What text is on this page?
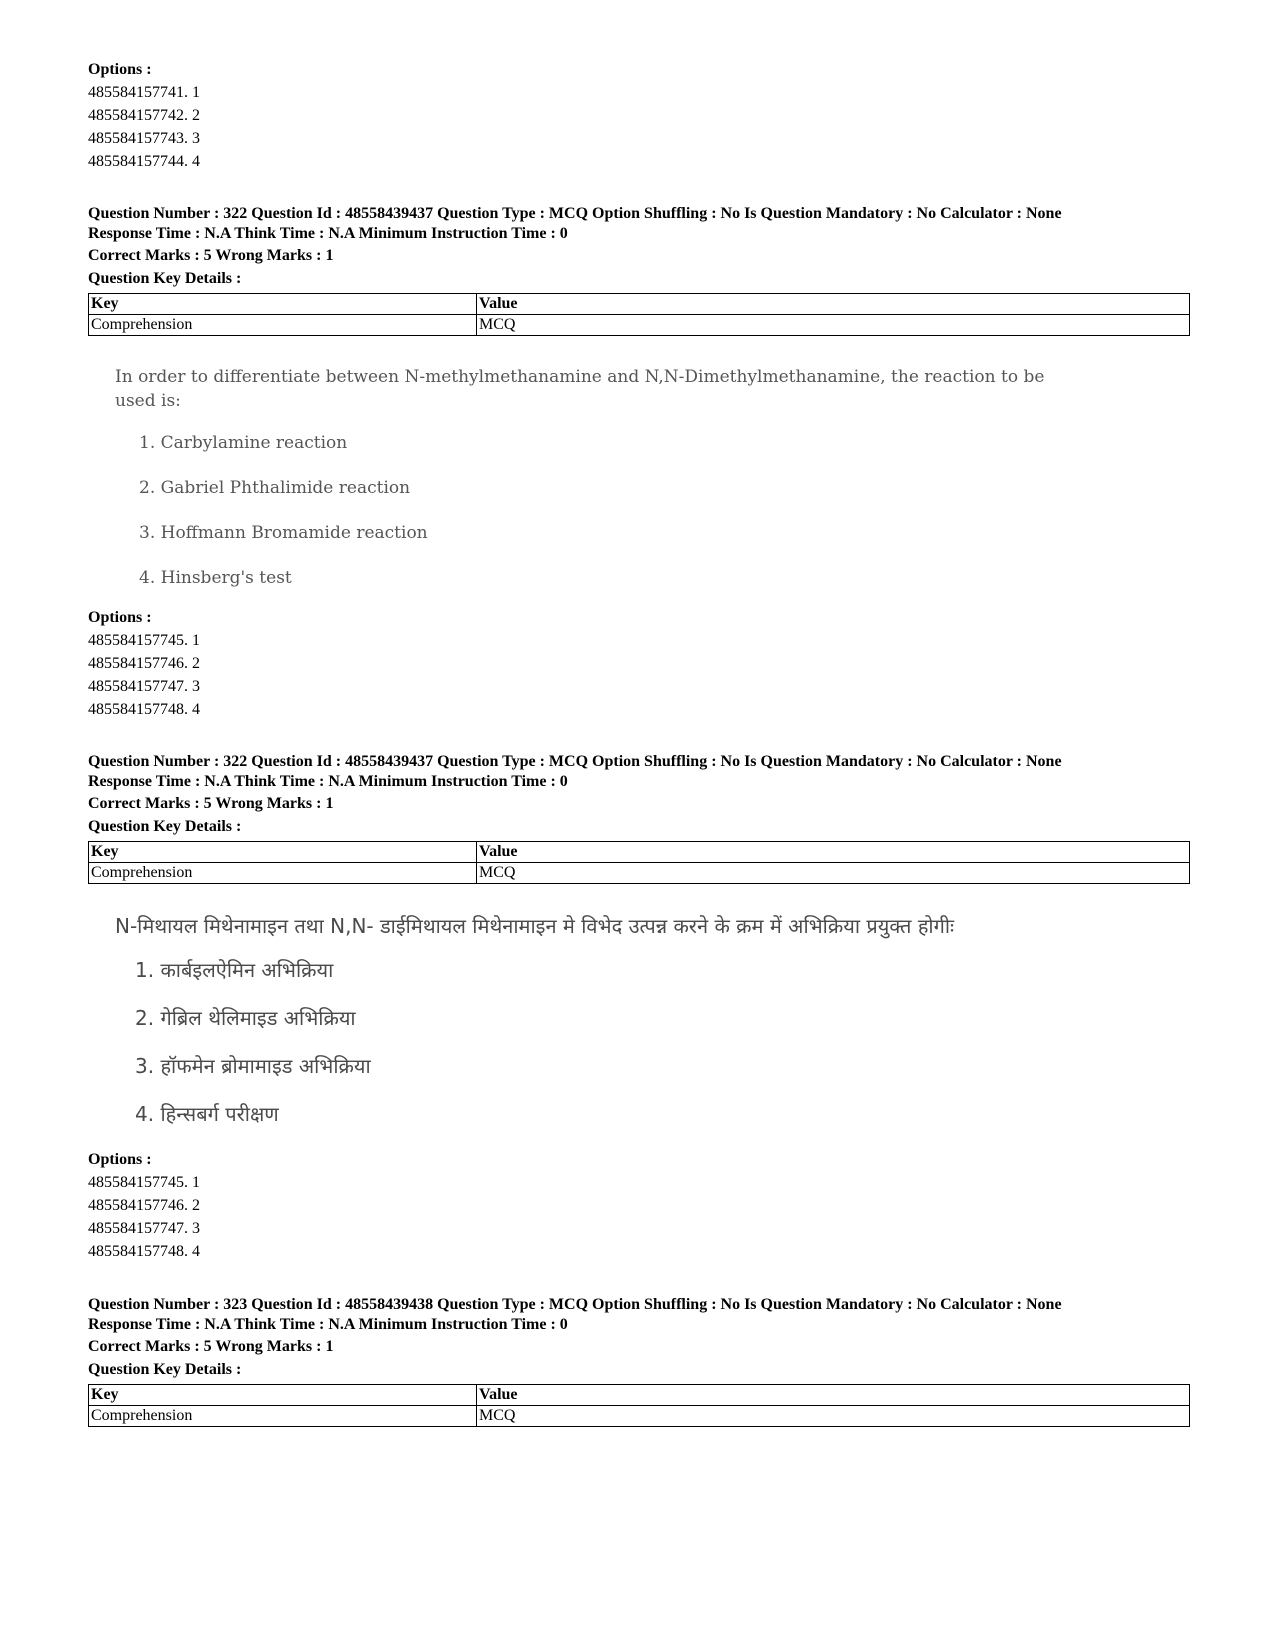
Options :
485584157741. 1
485584157742. 2
485584157743. 3
485584157744. 4
Question Number : 322 Question Id : 48558439437 Question Type : MCQ Option Shuffling : No Is Question Mandatory : No Calculator : None
Response Time : N.A Think Time : N.A Minimum Instruction Time : 0
Correct Marks : 5 Wrong Marks : 1
Question Key Details :
Key	Value
Comprehension	MCQ
In order to differentiate between N-methylmethanamine and N,N-Dimethylmethanamine, the reaction to be
used is:
1. Carbylamine reaction
2. Gabriel Phthalimide reaction
3. Hoffmann Bromamide reaction
4. Hinsberg's test
Options :
485584157745. 1
485584157746. 2
485584157747. 3
485584157748. 4
Question Number : 322 Question Id : 48558439437 Question Type : MCQ Option Shuffling : No Is Question Mandatory : No Calculator : None
Response Time : N.A Think Time : N.A Minimum Instruction Time : 0
Correct Marks : 5 Wrong Marks : 1
Question Key Details :
Key	Value
Comprehension	MCQ
N-मिथायल मिथेनामाइन तथा N,N- डाईमिथायल मिथेनामाइन मे विभेद उत्पन्न करने के क्रम में अभिक्रिया प्रयुक्त होगीः
1. कार्बइलऐमिन अभिक्रिया
2. गेब्रिल थेलिमाइड अभिक्रिया
3. हॉफमेन ब्रोमामाइड अभिक्रिया
4. हिन्सबर्ग परीक्षण
Options :
485584157745. 1
485584157746. 2
485584157747. 3
485584157748. 4
Question Number : 323 Question Id : 48558439438 Question Type : MCQ Option Shuffling : No Is Question Mandatory : No Calculator : None
Response Time : N.A Think Time : N.A Minimum Instruction Time : 0
Correct Marks : 5 Wrong Marks : 1
Question Key Details :
Key	Value
Comprehension	MCQ
